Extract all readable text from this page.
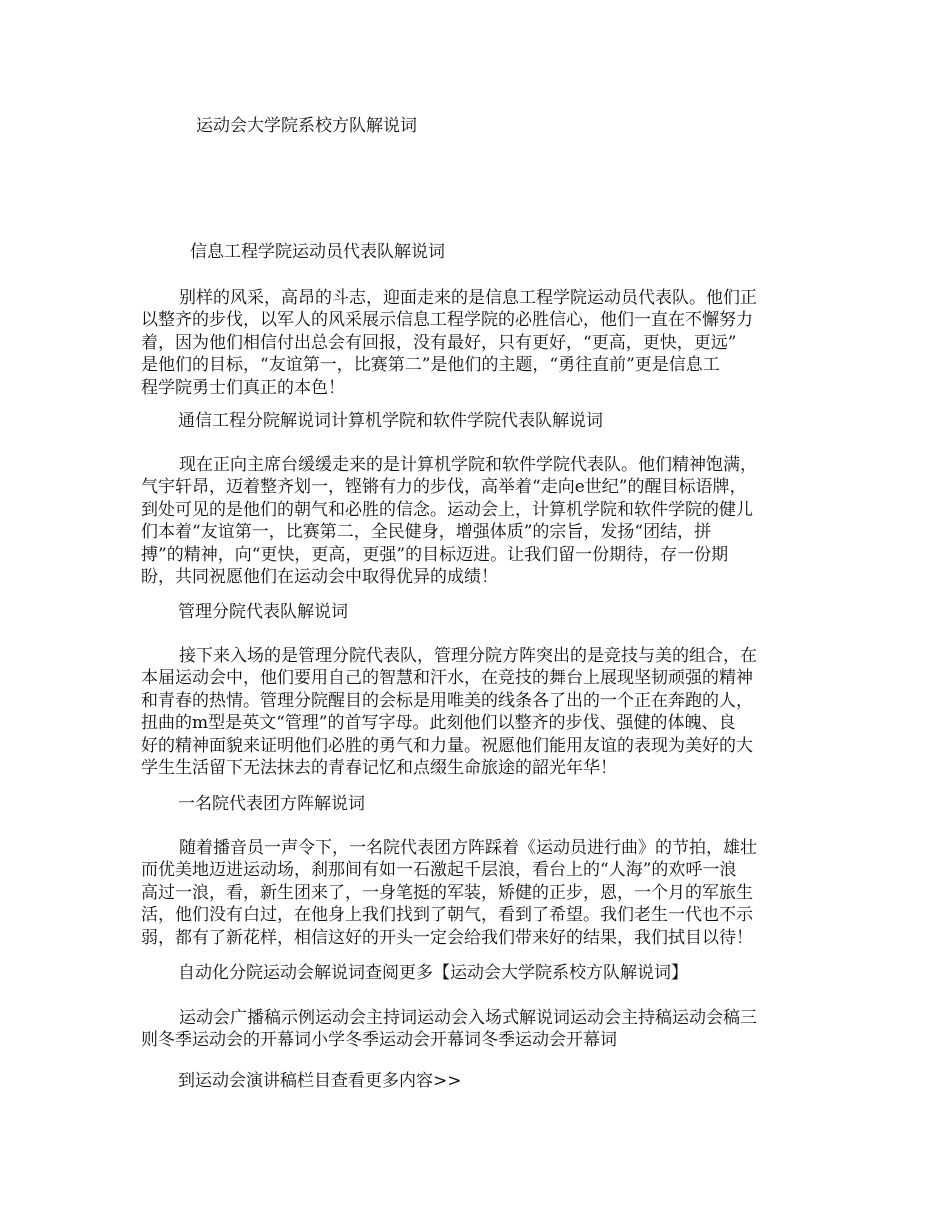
运动会大学院系校方队解说词
信息工程学院运动员代表队解说词
别样的风采，高昂的斗志，迎面走来的是信息工程学院运动员代表队。他们正
以整齐的步伐，以军人的风采展示信息工程学院的必胜信心，他们一直在不懈努力
着，因为他们相信付出总会有回报，没有最好，只有更好，“更高，更快，更远”
是他们的目标，“友谊第一，比赛第二”是他们的主题，“勇往直前”更是信息工
程学院勇士们真正的本色！
通信工程分院解说词计算机学院和软件学院代表队解说词
现在正向主席台缓缓走来的是计算机学院和软件学院代表队。他们精神饱满，
气宇轩昂，迈着整齐划一，铿锵有力的步伐，高举着“走向e世纪”的醒目标语牌，
到处可见的是他们的朝气和必胜的信念。运动会上，计算机学院和软件学院的健儿
们本着“友谊第一，比赛第二，全民健身，增强体质”的宗旨，发扬“团结，拼
搏”的精神，向“更快，更高，更强”的目标迈进。让我们留一份期待，存一份期
盼，共同祝愿他们在运动会中取得优异的成绩！
管理分院代表队解说词
接下来入场的是管理分院代表队，管理分院方阵突出的是竞技与美的组合，在
本届运动会中，他们要用自己的智慧和汗水，在竞技的舞台上展现坚韧顽强的精神
和青春的热情。管理分院醒目的会标是用唯美的线条各了出的一个正在奔跑的人，
扭曲的m型是英文“管理”的首写字母。此刻他们以整齐的步伐、强健的体魄、良
好的精神面貌来证明他们必胜的勇气和力量。祝愿他们能用友谊的表现为美好的大
学生生活留下无法抹去的青春记忆和点缀生命旅途的韶光年华！
一名院代表团方阵解说词
随着播音员一声令下，一名院代表团方阵踩着《运动员进行曲》的节拍，雄壮
而优美地迈进运动场，刹那间有如一石激起千层浪，看台上的“人海”的欢呼一浪
高过一浪，看，新生团来了，一身笔挺的军装，矫健的正步，恩，一个月的军旅生
活，他们没有白过，在他身上我们找到了朝气，看到了希望。我们老生一代也不示
弱，都有了新花样，相信这好的开头一定会给我们带来好的结果，我们拭目以待！
自动化分院运动会解说词查阅更多【运动会大学院系校方队解说词】
运动会广播稿示例运动会主持词运动会入场式解说词运动会主持稿运动会稿三
则冬季运动会的开幕词小学冬季运动会开幕词冬季运动会开幕词
到运动会演讲稿栏目查看更多内容>>
